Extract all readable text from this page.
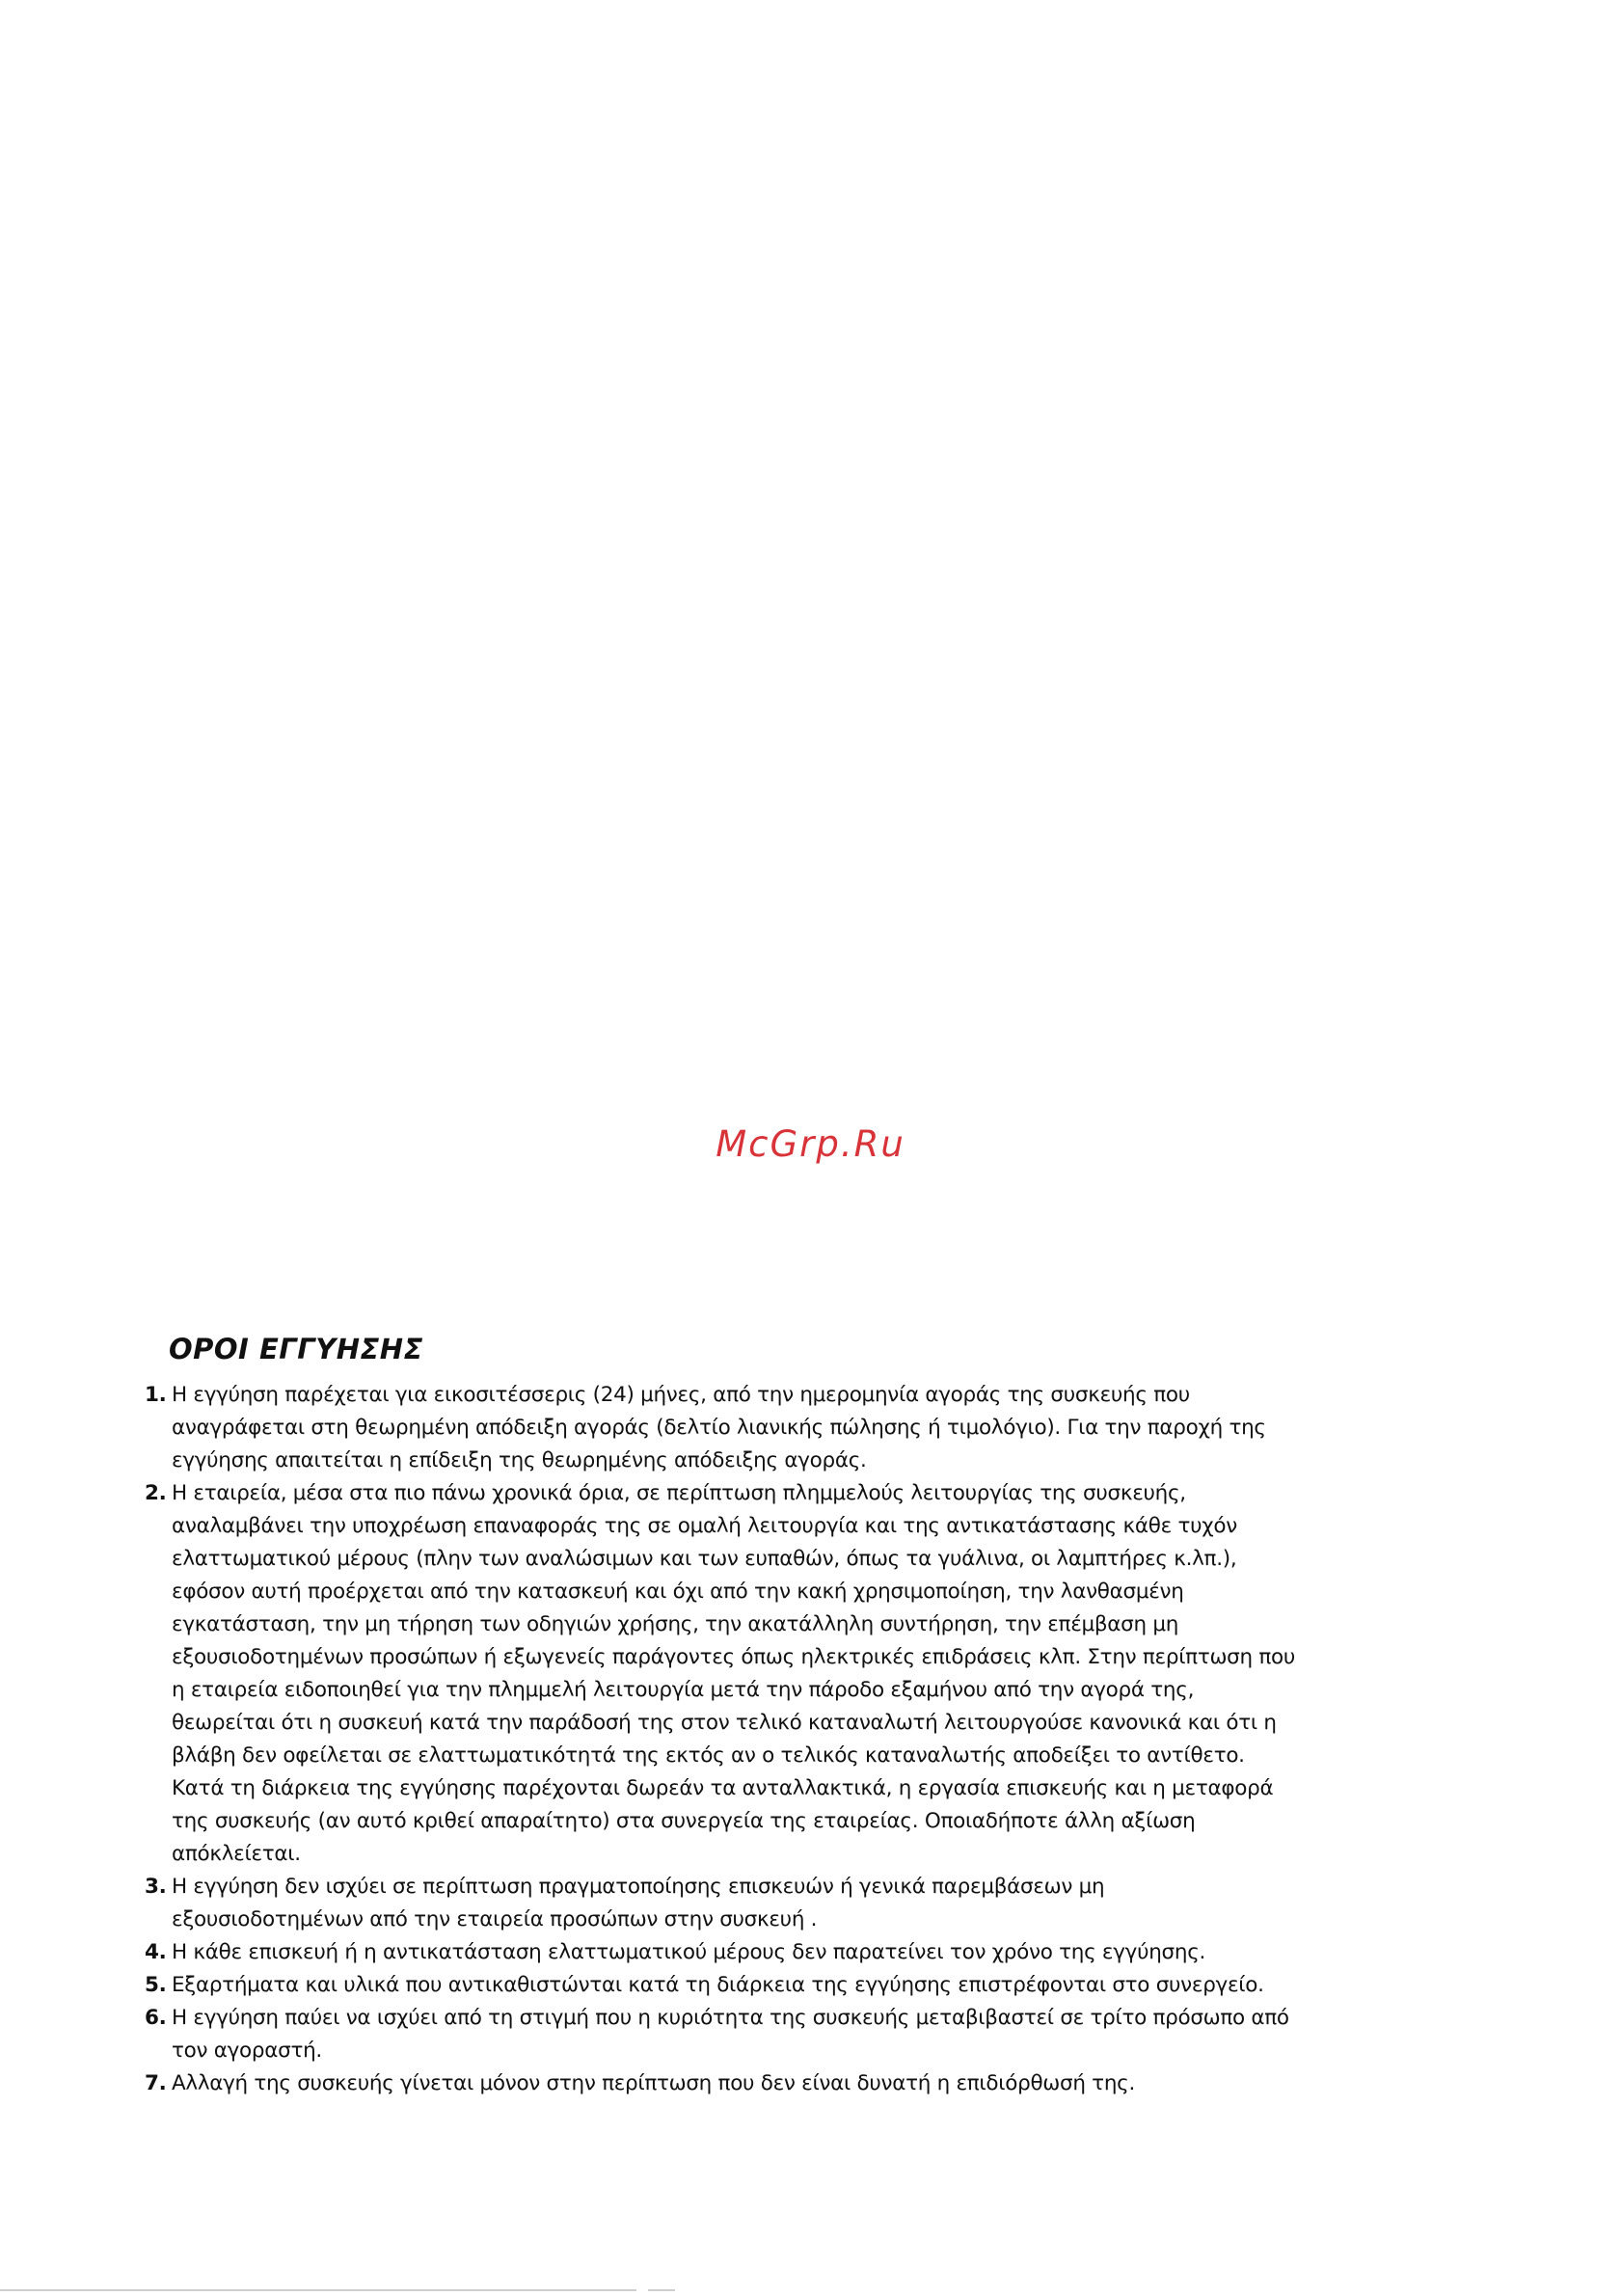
McGrp.Ru
ΟΡΟΙ ΕΓΓΥΗΣΗΣ
1. Η εγγύηση παρέχεται για εικοσιτέσσερις (24) μήνες, από την ημερομηνία αγοράς της συσκευής που αναγράφεται στη θεωρημένη απόδειξη αγοράς (δελτίο λιανικής πώλησης ή τιμολόγιο). Για την παροχή της εγγύησης απαιτείται η επίδειξη της θεωρημένης απόδειξης αγοράς.
2. Η εταιρεία, μέσα στα πιο πάνω χρονικά όρια, σε περίπτωση πλημμελούς λειτουργίας της συσκευής, αναλαμβάνει την υποχρέωση επαναφοράς της σε ομαλή λειτουργία και της αντικατάστασης κάθε τυχόν ελαττωματικού μέρους (πλην των αναλώσιμων και των ευπαθών, όπως τα γυάλινα, οι λαμπτήρες κ.λπ.), εφόσον αυτή προέρχεται από την κατασκευή και όχι από την κακή χρησιμοποίηση, την λανθασμένη εγκατάσταση, την μη τήρηση των οδηγιών χρήσης, την ακατάλληλη συντήρηση, την επέμβαση μη εξουσιοδοτημένων προσώπων ή εξωγενείς παράγοντες όπως ηλεκτρικές επιδράσεις κλπ. Στην περίπτωση που η εταιρεία ειδοποιηθεί για την πλημμελή λειτουργία μετά την πάροδο εξαμήνου από την αγορά της, θεωρείται ότι η συσκευή κατά την παράδοσή της στον τελικό καταναλωτή λειτουργούσε κανονικά και ότι η βλάβη δεν οφείλεται σε ελαττωματικότητά της εκτός αν ο τελικός καταναλωτής αποδείξει το αντίθετο. Κατά τη διάρκεια της εγγύησης παρέχονται δωρεάν τα ανταλλακτικά, η εργασία επισκευής και η μεταφορά της συσκευής (αν αυτό κριθεί απαραίτητο) στα συνεργεία της εταιρείας. Οποιαδήποτε άλλη αξίωση απόκλείεται.
3. Η εγγύηση δεν ισχύει σε περίπτωση πραγματοποίησης επισκευών ή γενικά παρεμβάσεων μη εξουσιοδοτημένων από την εταιρεία προσώπων στην συσκευή .
4. Η κάθε επισκευή ή η αντικατάσταση ελαττωματικού μέρους δεν παρατείνει τον χρόνο της εγγύησης.
5. Εξαρτήματα και υλικά που αντικαθιστώνται κατά τη διάρκεια της εγγύησης επιστρέφονται στο συνεργείο.
6. Η εγγύηση παύει να ισχύει από τη στιγμή που η κυριότητα της συσκευής μεταβιβαστεί σε τρίτο πρόσωπο από τον αγοραστή.
7. Αλλαγή της συσκευής γίνεται μόνον στην περίπτωση που δεν είναι δυνατή η επιδιόρθωσή της.
